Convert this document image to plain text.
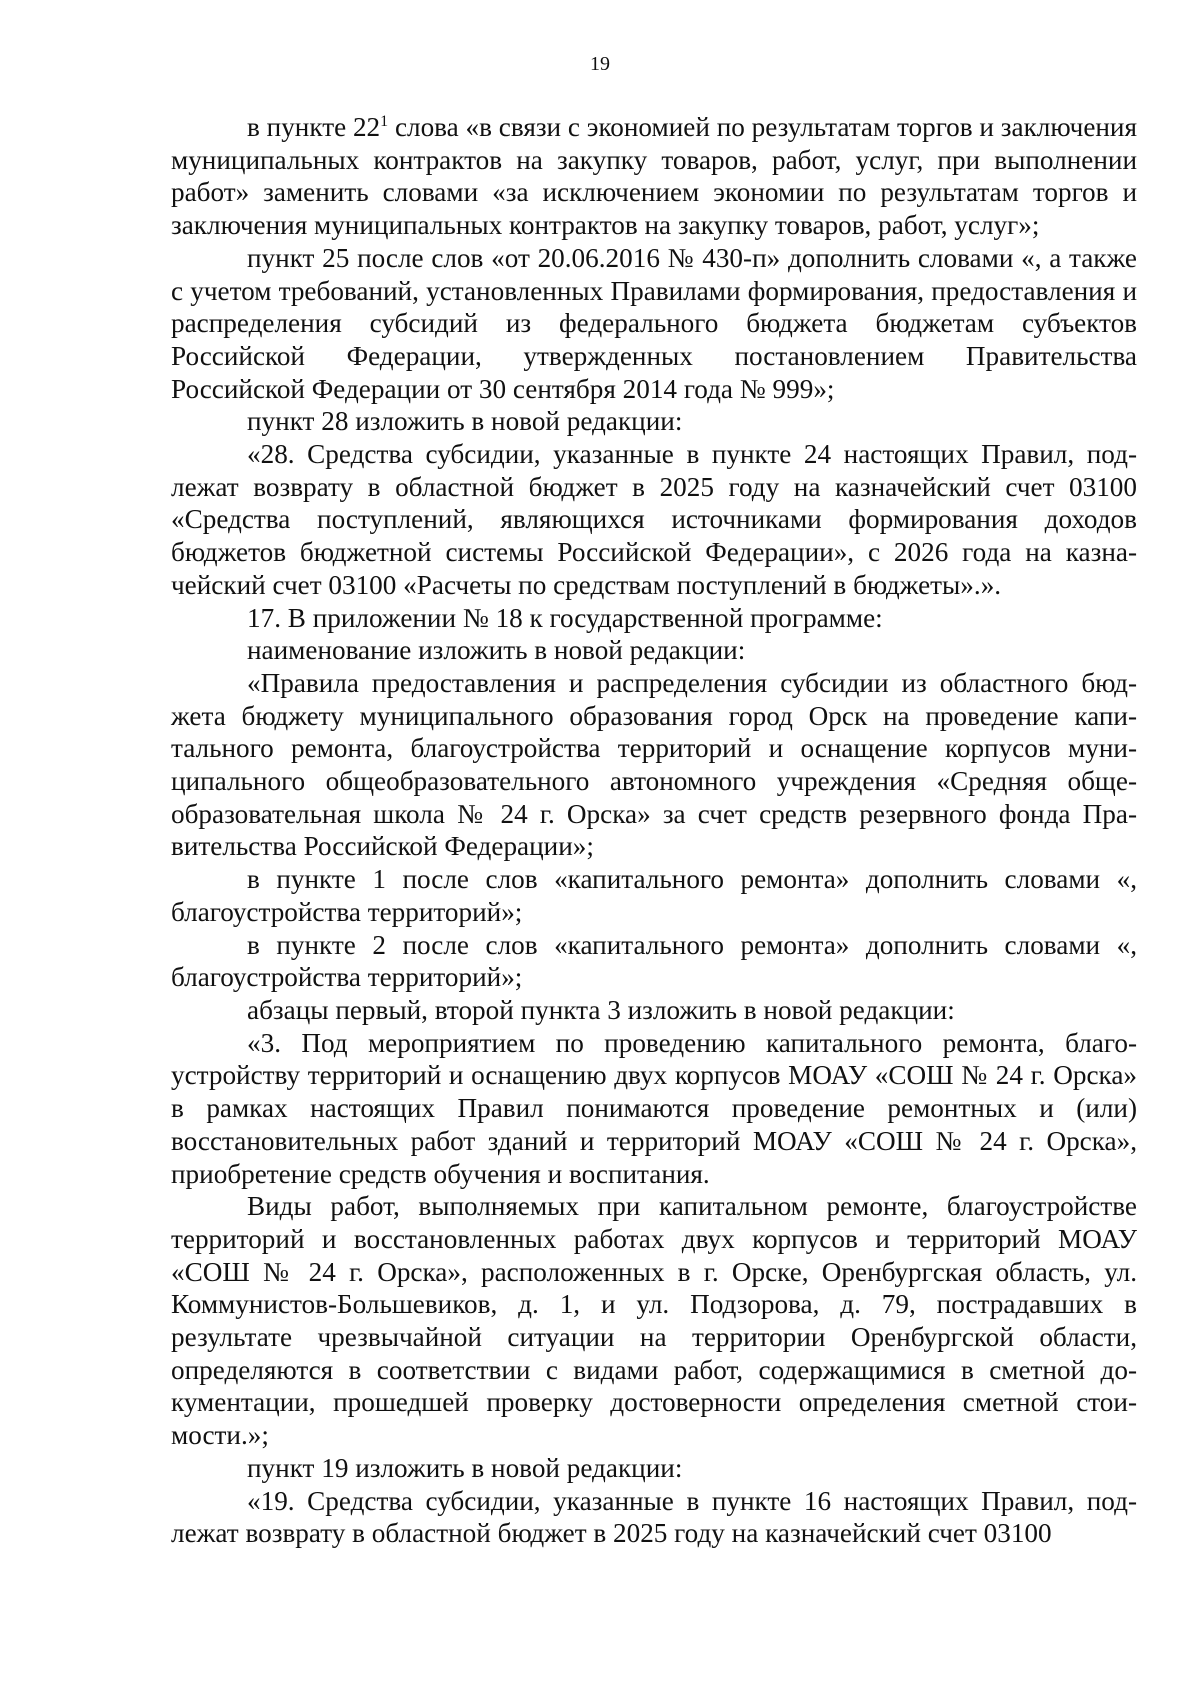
19

в пункте $22^1$ слова «в связи с экономией по результатам торгов и заключения муниципальных контрактов на закупку товаров, работ, услуг, при выполнении работ» заменить словами «за исключением экономии по результатам торгов и заключения муниципальных контрактов на закупку товаров, работ, услуг»;

пункт 25 после слов «от 20.06.2016 № 430-п» дополнить словами «, а также с учетом требований, установленных Правилами формирования, предоставления и распределения субсидий из федерального бюджета бюджетам субъектов Российской Федерации, утвержденных постановлением Правительства Российской Федерации от 30 сентября 2014 года № 999»;

пункт 28 изложить в новой редакции:

«28. Средства субсидии, указанные в пункте 24 настоящих Правил, подлежат возврату в областной бюджет в 2025 году на казначейский счет 03100 «Средства поступлений, являющихся источниками формирования доходов бюджетов бюджетной системы Российской Федерации», с 2026 года на казначейский счет 03100 «Расчеты по средствам поступлений в бюджеты».».

17. В приложении № 18 к государственной программе:

наименование изложить в новой редакции:

«Правила предоставления и распределения субсидии из областного бюджета бюджету муниципального образования город Орск на проведение капитального ремонта, благоустройства территорий и оснащение корпусов муниципального общеобразовательного автономного учреждения «Средняя общеобразовательная школа № 24 г. Орска» за счет средств резервного фонда Правительства Российской Федерации»;

в пункте 1 после слов «капитального ремонта» дополнить словами «, благоустройства территорий»;

в пункте 2 после слов «капитального ремонта» дополнить словами «, благоустройства территорий»;

абзацы первый, второй пункта 3 изложить в новой редакции:

«3. Под мероприятием по проведению капитального ремонта, благоустройству территорий и оснащению двух корпусов МОАУ «СОШ № 24 г. Орска» в рамках настоящих Правил понимаются проведение ремонтных и (или) восстановительных работ зданий и территорий МОАУ «СОШ № 24 г. Орска», приобретение средств обучения и воспитания.

Виды работ, выполняемых при капитальном ремонте, благоустройстве территорий и восстановленных работах двух корпусов и территорий МОАУ «СОШ № 24 г. Орска», расположенных в г. Орске, Оренбургская область, ул. Коммунистов-Большевиков, д. 1, и ул. Подзорова, д. 79, пострадавших в результате чрезвычайной ситуации на территории Оренбургской области, определяются в соответствии с видами работ, содержащимися в сметной документации, прошедшей проверку достоверности определения сметной стоимости.»;

пункт 19 изложить в новой редакции:

«19. Средства субсидии, указанные в пункте 16 настоящих Правил, подлежат возврату в областной бюджет в 2025 году на казначейский счет 03100
